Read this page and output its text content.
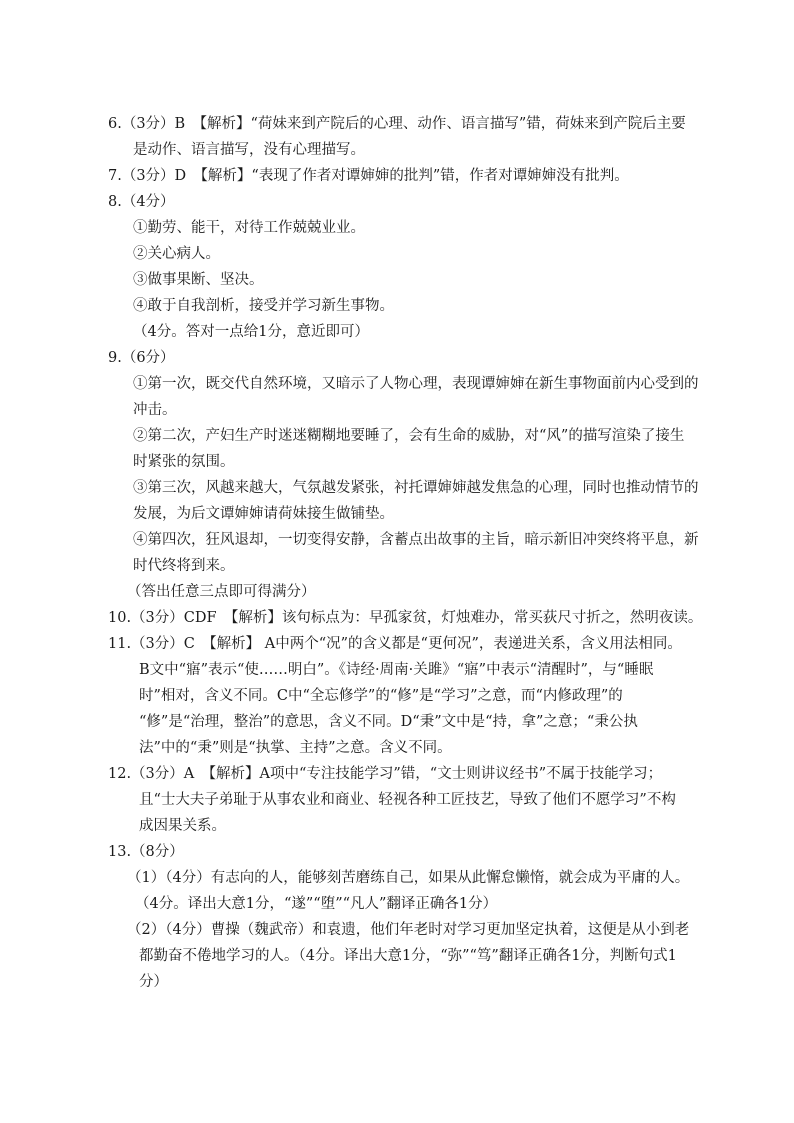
6.（3分）B　【解析】“荷妹来到产院后的心理、动作、语言描写”错，荷妹来到产院后主要
是动作、语言描写，没有心理描写。
7.（3分）D　【解析】“表现了作者对谭婶婶的批判”错，作者对谭婶婶没有批判。
8.（4分）
①勤劳、能干，对待工作兢兢业业。
②关心病人。
③做事果断、坚决。
④敢于自我剖析，接受并学习新生事物。
（4分。答对一点给1分，意近即可）
9.（6分）
①第一次，既交代自然环境，又暗示了人物心理，表现谭婶婶在新生事物面前内心受到的
冲击。
②第二次，产妇生产时迷迷糊糊地要睡了，会有生命的威胁，对“风”的描写渲染了接生
时紧张的氛围。
③第三次，风越来越大，气氛越发紧张，衬托谭婶婶越发焦急的心理，同时也推动情节的
发展，为后文谭婶婶请荷妹接生做铺垫。
④第四次，狂风退却，一切变得安静，含蓄点出故事的主旨，暗示新旧冲突终将平息，新
时代终将到来。
（答出任意三点即可得满分）
10.（3分）CDF　【解析】该句标点为：早孤家贫，灯烛难办，常买荻尺寸折之，然明夜读。
11.（3分）C　【解析】 A中两个“况”的含义都是“更何况”，表递进关系，含义用法相同。
B文中“寤”表示“使……明白”。《诗经·周南·关雎》“寤”中表示“清醒时”，与“睡眠
时”相对，含义不同。C中“全忘修学”的“修”是“学习”之意，而“内修政理”的
“修”是“治理，整治”的意思，含义不同。D“秉”文中是“持，拿”之意；“秉公执
法”中的“秉”则是“执掌、主持”之意。含义不同。
12.（3分）A　【解析】A项中“专注技能学习”错，“文士则讲议经书”不属于技能学习；
且“士大夫子弟耻于从事农业和商业、轻视各种工匠技艺，导致了他们不愿学习”不构
成因果关系。
13.（8分）
（1）（4分）有志向的人，能够刻苦磨练自己，如果从此懈怠懒惰，就会成为平庸的人。
（4分。译出大意1分，“遂”“堕”“凡人”翻译正确各1分）
（2）（4分）曹操（魏武帝）和袁遗，他们年老时对学习更加坚定执着，这便是从小到老
都勤奋不倦地学习的人。（4分。译出大意1分，“弥”“笃”翻译正确各1分，判断句式1
分）
